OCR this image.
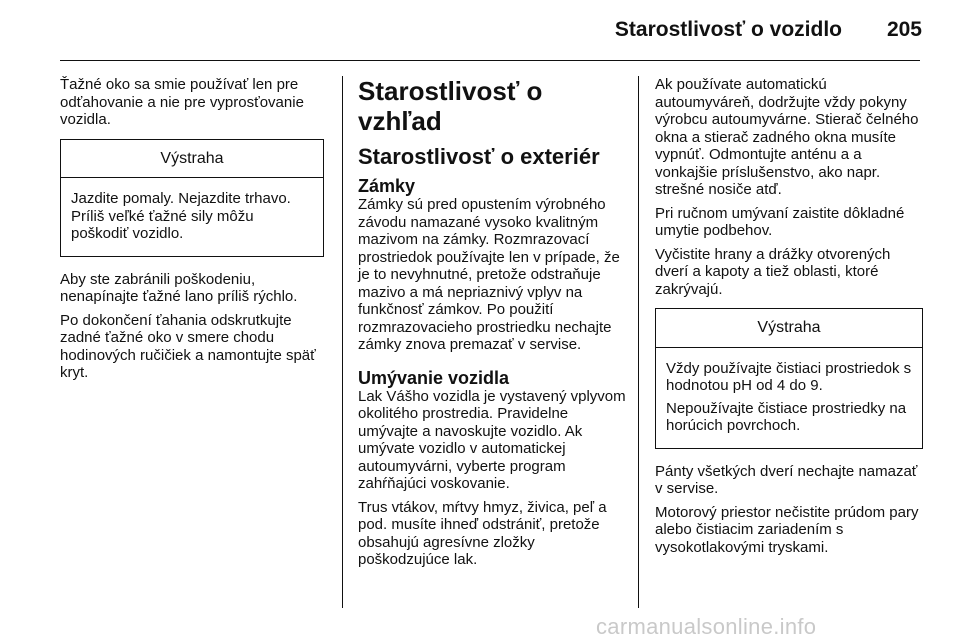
Starostlivosť o vozidlo 205

Ťažné oko sa smie používať len pre odťahovanie a nie pre vyprosťovanie vozidla.

Výstraha

Jazdite pomaly. Nejazdite trhavo. Príliš veľké ťažné sily môžu poškodiť vozidlo.

Aby ste zabránili poškodeniu, nenapínajte ťažné lano príliš rýchlo.

Po dokončení ťahania odskrutkujte zadné ťažné oko v smere chodu hodinových ručičiek a namontujte späť kryt.

Starostlivosť o vzhľad
Starostlivosť o exteriér
Zámky

Zámky sú pred opustením výrobného závodu namazané vysoko kvalitným mazivom na zámky. Rozmrazovací prostriedok používajte len v prípade, že je to nevyhnutné, pretože odstraňuje mazivo a má nepriaznivý vplyv na funkčnosť zámkov. Po použití rozmrazovacieho prostriedku nechajte zámky znova premazať v servise.

Umývanie vozidla

Lak Vášho vozidla je vystavený vplyvom okolitého prostredia. Pravidelne umývajte a navoskujte vozidlo. Ak umývate vozidlo v automatickej autoumyvárni, vyberte program zahŕňajúci voskovanie.

Trus vtákov, mŕtvy hmyz, živica, peľ a pod. musíte ihneď odstrániť, pretože obsahujú agresívne zložky poškodzujúce lak.

Ak používate automatickú autoumyváreň, dodržujte vždy pokyny výrobcu autoumyvárne. Stierač čelného okna a stierač zadného okna musíte vypnúť. Odmontujte anténu a a vonkajšie príslušenstvo, ako napr. strešné nosiče atď.

Pri ručnom umývaní zaistite dôkladné umytie podbehov.

Vyčistite hrany a drážky otvorených dverí a kapoty a tiež oblasti, ktoré zakrývajú.

Výstraha

Vždy používajte čistiaci prostriedok s hodnotou pH od 4 do 9.

Nepoužívajte čistiace prostriedky na horúcich povrchoch.

Pánty všetkých dverí nechajte namazať v servise.

Motorový priestor nečistite prúdom pary alebo čistiacim zariadením s vysokotlakovými tryskami.

carmanualsonline.info
